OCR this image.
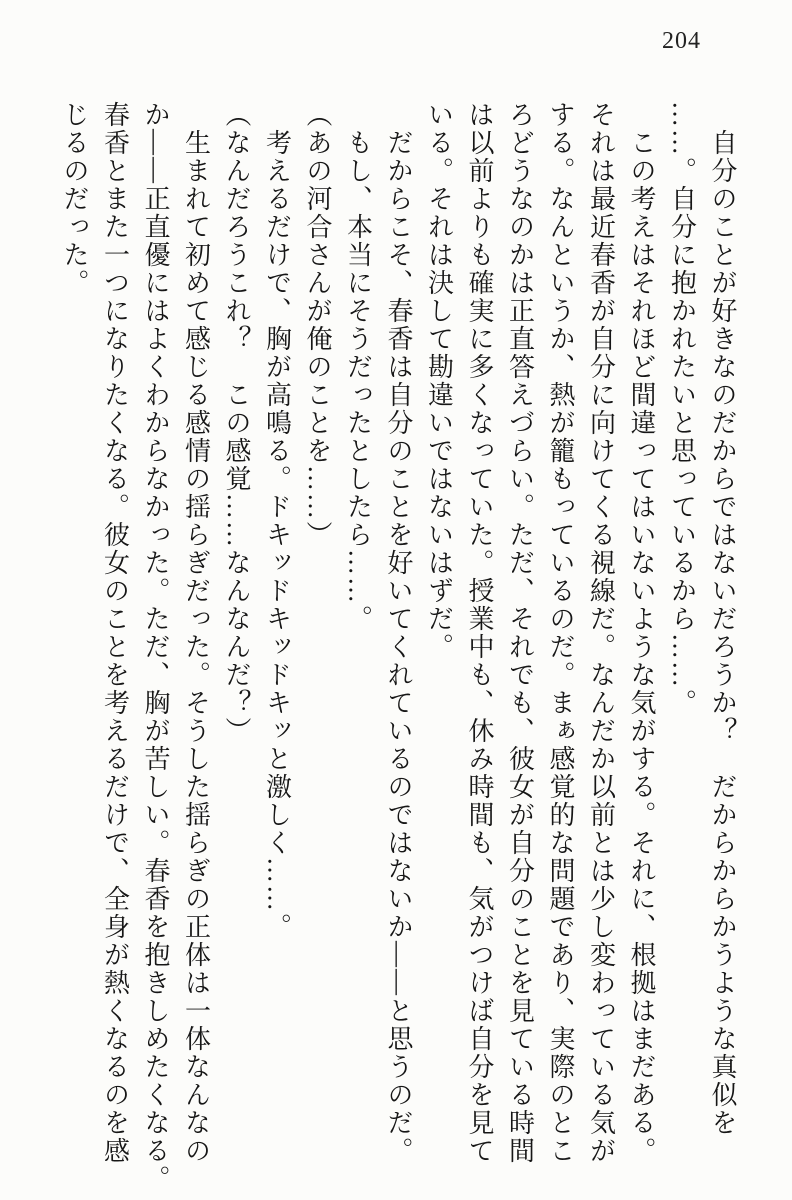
204
　自分のことが好きなのだからではないだろうか？　だからからかうような真似を
……。自分に抱かれたいと思っているから……。
　この考えはそれほど間違ってはいないような気がする。それに、根拠はまだある。
それは最近春香が自分に向けてくる視線だ。なんだか以前とは少し変わっている気が
する。なんというか、熱が籠もっているのだ。まぁ感覚的な問題であり、実際のとこ
ろどうなのかは正直答えづらい。ただ、それでも、彼女が自分のことを見ている時間
は以前よりも確実に多くなっていた。授業中も、休み時間も、気がつけば自分を見て
いる。それは決して勘違いではないはずだ。
　だからこそ、春香は自分のことを好いてくれているのではないか――と思うのだ。
　もし、本当にそうだったとしたら……。
（あの河合さんが俺のことを……）
　考えるだけで、胸が高鳴る。ドキッドキッドキッと激しく……。
（なんだろうこれ？　この感覚……なんなんだ？）
　生まれて初めて感じる感情の揺らぎだった。そうした揺らぎの正体は一体なんなの
か――正直優にはよくわからなかった。ただ、胸が苦しい。春香を抱きしめたくなる。
春香とまた一つになりたくなる。彼女のことを考えるだけで、全身が熱くなるのを感
じるのだった。
